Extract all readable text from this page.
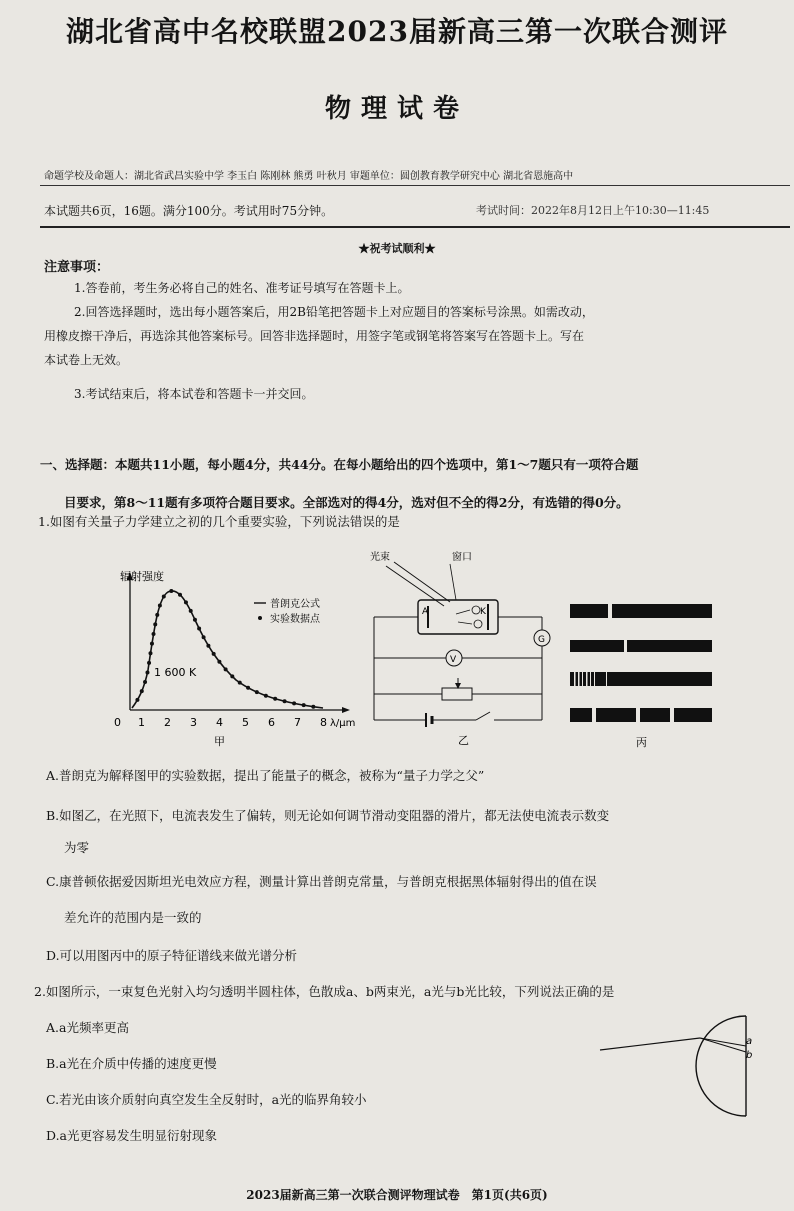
湖北省高中名校联盟2023届新高三第一次联合测评
物理试卷
命题学校及命题人：湖北省武昌实验中学 李玉白 陈刚林 熊勇 叶秋月 审题单位：圆创教育教学研究中心 湖北省恩施高中
本试题共6页，16题。满分100分。考试用时75分钟。	考试时间：2022年8月12日上午10:30—11:45
★祝考试顺利★
注意事项：
1.答卷前，考生务必将自己的姓名、准考证号填写在答题卡上。
2.回答选择题时，选出每小题答案后，用2B铅笔把答题卡上对应题目的答案标号涂黑。如需改动，
用橡皮擦干净后，再选涂其他答案标号。回答非选择题时，用签字笔或钢笔将答案写在答题卡上。写在
本试卷上无效。
3.考试结束后，将本试卷和答题卡一并交回。
一、选择题：本题共11小题，每小题4分，共44分。在每小题给出的四个选项中，第1～7题只有一项符合题
目要求，第8～11题有多项符合题目要求。全部选对的得4分，选对但不全的得2分，有选错的得0分。
1.如图有关量子力学建立之初的几个重要实验，下列说法错误的是
辐射强度
0 1 2 3 4 5 6 7 8 λ/μm
1 600 K
甲
普朗克公式
实验数据点
光束	窗口
A	K
G
V
乙	丙
A.普朗克为解释图甲的实验数据，提出了能量子的概念，被称为“量子力学之父”
B.如图乙，在光照下，电流表发生了偏转，则无论如何调节滑动变阻器的滑片，都无法使电流表示数变
为零
C.康普顿依据爱因斯坦光电效应方程，测量计算出普朗克常量，与普朗克根据黑体辐射得出的值在误
差允许的范围内是一致的
D.可以用图丙中的原子特征谱线来做光谱分析
2.如图所示，一束复色光射入均匀透明半圆柱体，色散成a、b两束光，a光与b光比较，下列说法正确的是
A.a光频率更高
B.a光在介质中传播的速度更慢
C.若光由该介质射向真空发生全反射时，a光的临界角较小
D.a光更容易发生明显衍射现象
a
b
2023届新高三第一次联合测评物理试卷　第1页(共6页)
